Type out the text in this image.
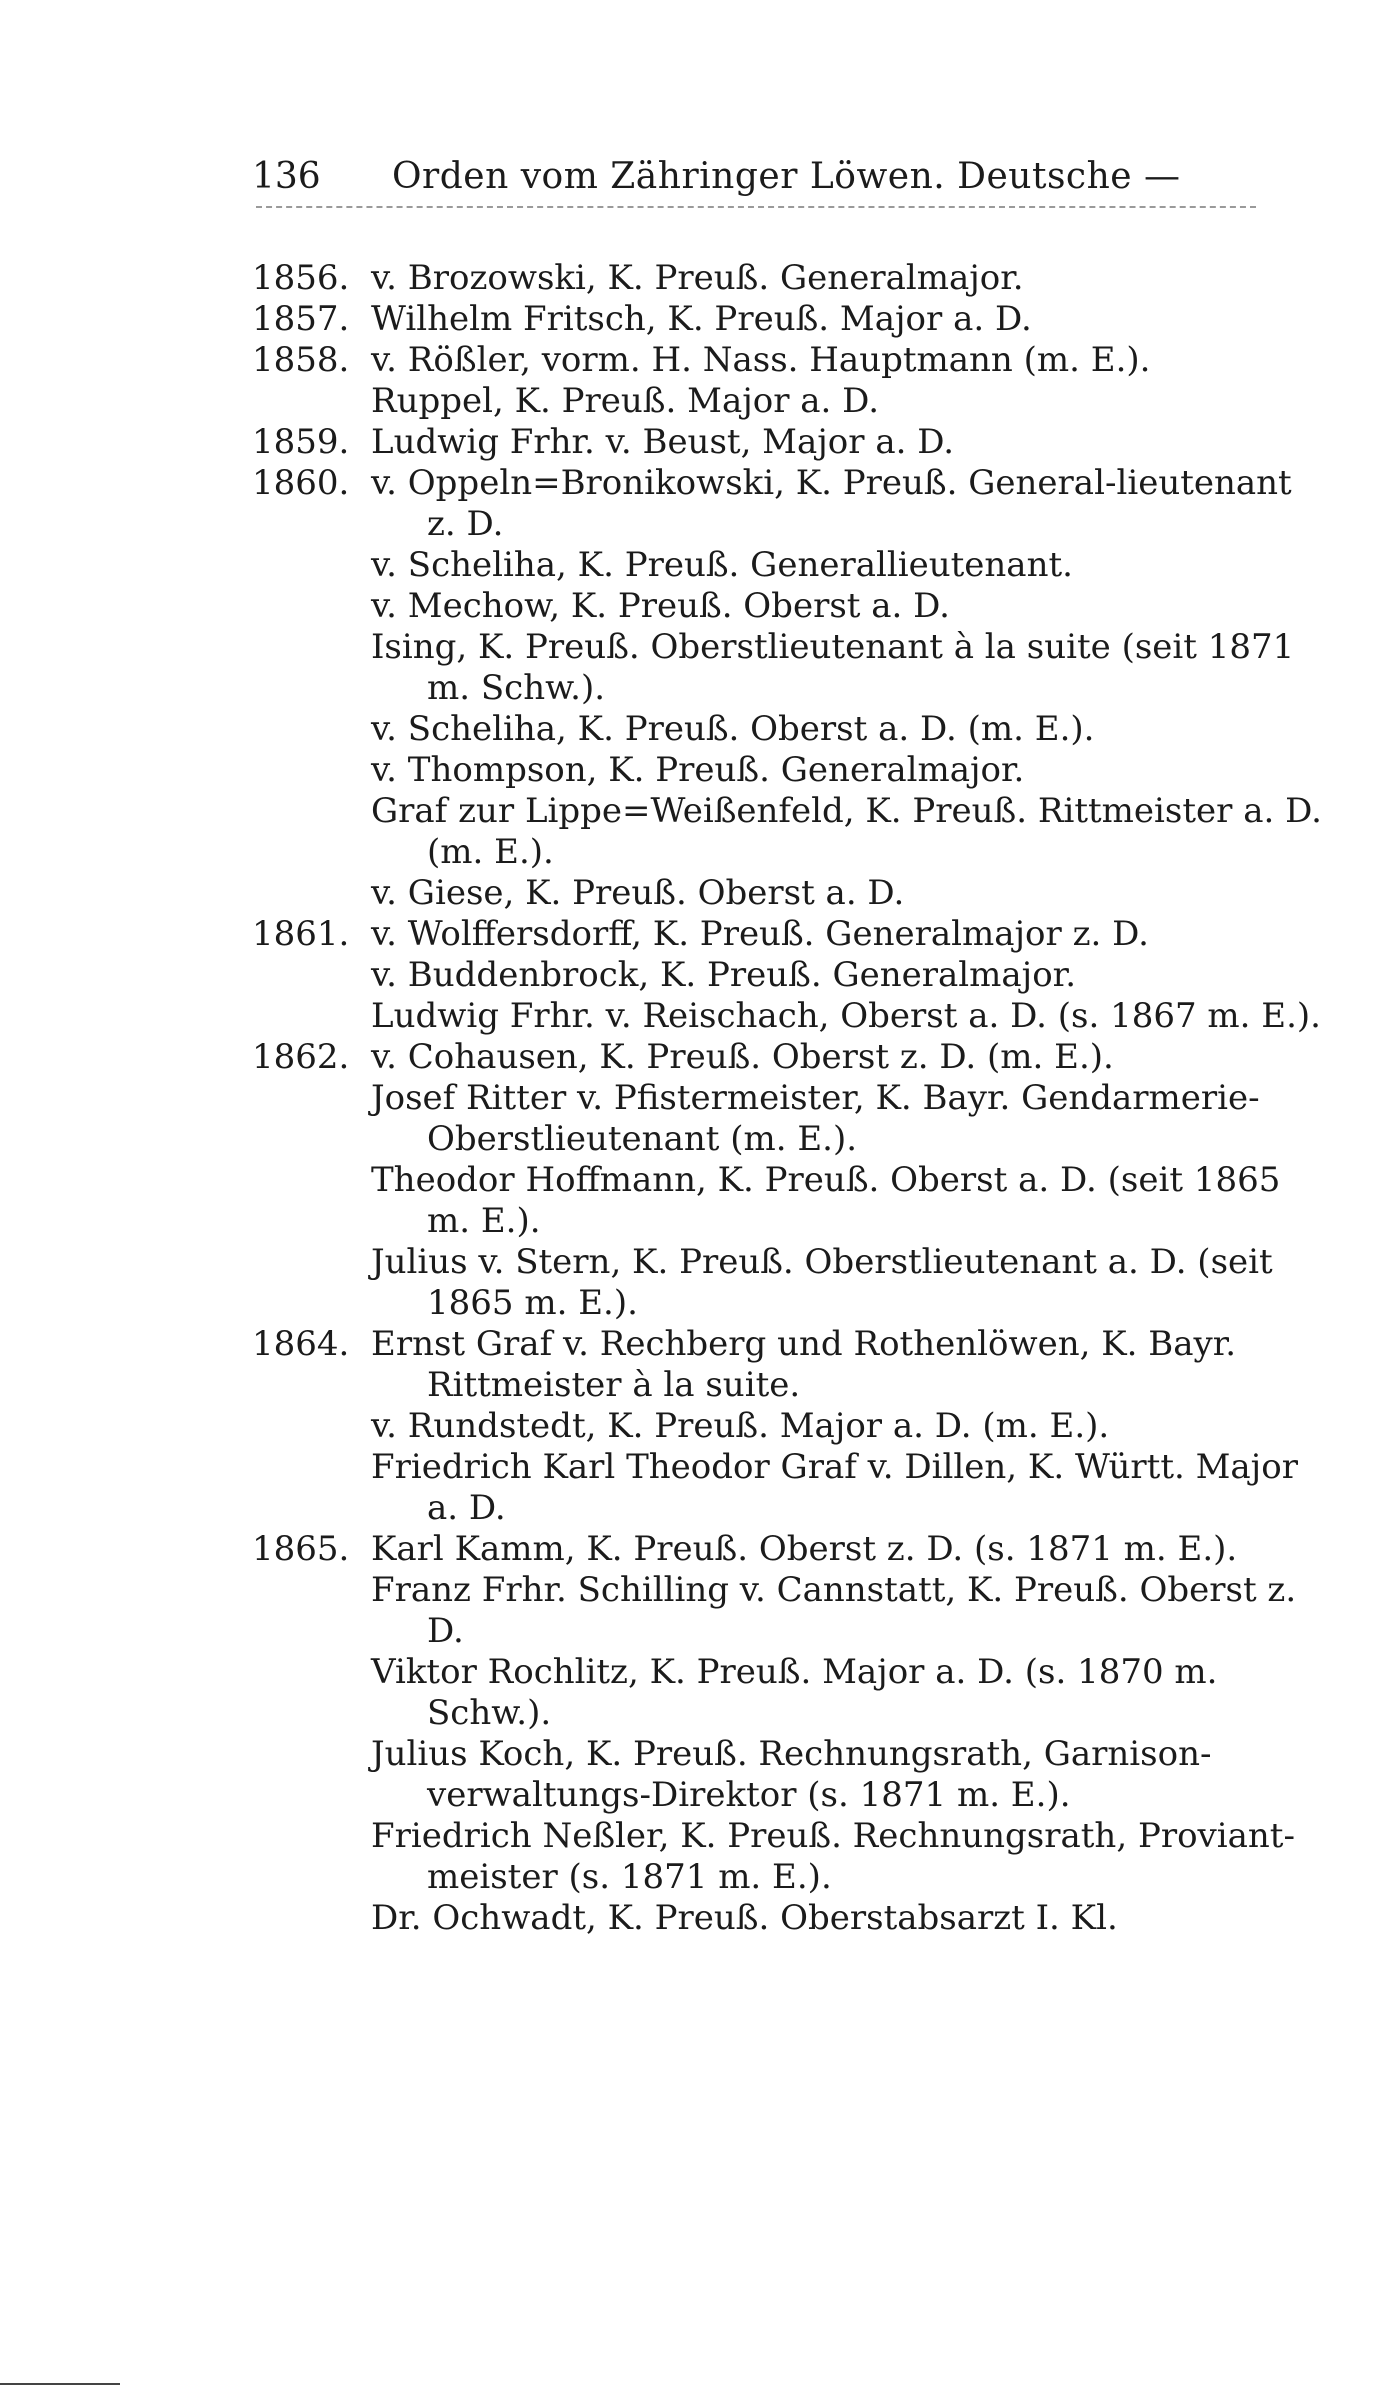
136 Orden vom Zähringer Löwen. Deutsche —
1856. v. Brozowski, K. Preuß. Generalmajor.
1857. Wilhelm Fritsch, K. Preuß. Major a. D.
1858. v. Rößler, vorm. H. Nass. Hauptmann (m. E.).
Ruppel, K. Preuß. Major a. D.
1859. Ludwig Frhr. v. Beust, Major a. D.
1860. v. Oppeln=Bronikowski, K. Preuß. General-lieutenant z. D.
v. Scheliha, K. Preuß. Generallieutenant.
v. Mechow, K. Preuß. Oberst a. D.
Ising, K. Preuß. Oberstlieutenant à la suite (seit 1871 m. Schw.).
v. Scheliha, K. Preuß. Oberst a. D. (m. E.).
v. Thompson, K. Preuß. Generalmajor.
Graf zur Lippe=Weißenfeld, K. Preuß. Rittmeister a. D. (m. E.).
v. Giese, K. Preuß. Oberst a. D.
1861. v. Wolffersdorff, K. Preuß. Generalmajor z. D.
v. Buddenbrock, K. Preuß. Generalmajor.
Ludwig Frhr. v. Reischach, Oberst a. D. (s. 1867 m. E.).
1862. v. Cohausen, K. Preuß. Oberst z. D. (m. E.).
Josef Ritter v. Pfistermeister, K. Bayr. Gendarmerie-Oberstlieutenant (m. E.).
Theodor Hoffmann, K. Preuß. Oberst a. D. (seit 1865 m. E.).
Julius v. Stern, K. Preuß. Oberstlieutenant a. D. (seit 1865 m. E.).
1864. Ernst Graf v. Rechberg und Rothenlöwen, K. Bayr. Rittmeister à la suite.
v. Rundstedt, K. Preuß. Major a. D. (m. E.).
Friedrich Karl Theodor Graf v. Dillen, K. Württ. Major a. D.
1865. Karl Kamm, K. Preuß. Oberst z. D. (s. 1871 m. E.).
Franz Frhr. Schilling v. Cannstatt, K. Preuß. Oberst z. D.
Viktor Rochlitz, K. Preuß. Major a. D. (s. 1870 m. Schw.).
Julius Koch, K. Preuß. Rechnungsrath, Garnison-verwaltungs-Direktor (s. 1871 m. E.).
Friedrich Neßler, K. Preuß. Rechnungsrath, Proviant-meister (s. 1871 m. E.).
Dr. Ochwadt, K. Preuß. Oberstabsarzt I. Kl.
